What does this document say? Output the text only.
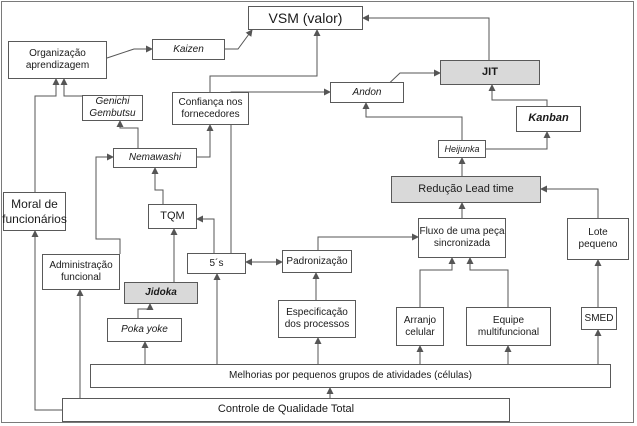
VSM (valor)
Kaizen
Organização
aprendizagem
Genichi
Gembutsu
Confiança nos
fornecedores
Andon
JIT
Kanban
Heijunka
Nemawashi
Redução Lead time
Moral de
funcionários	TQM
Fluxo de uma peça
sincronizada
Lote
pequeno
Administração
funcional
5´s	Padronização
Jidoka
Especificação
dos processos	Arranjo
celular
Equipe
multifuncional
SMED
Poka yoke
Melhorias por pequenos grupos de atividades (células)
Controle de Qualidade Total
